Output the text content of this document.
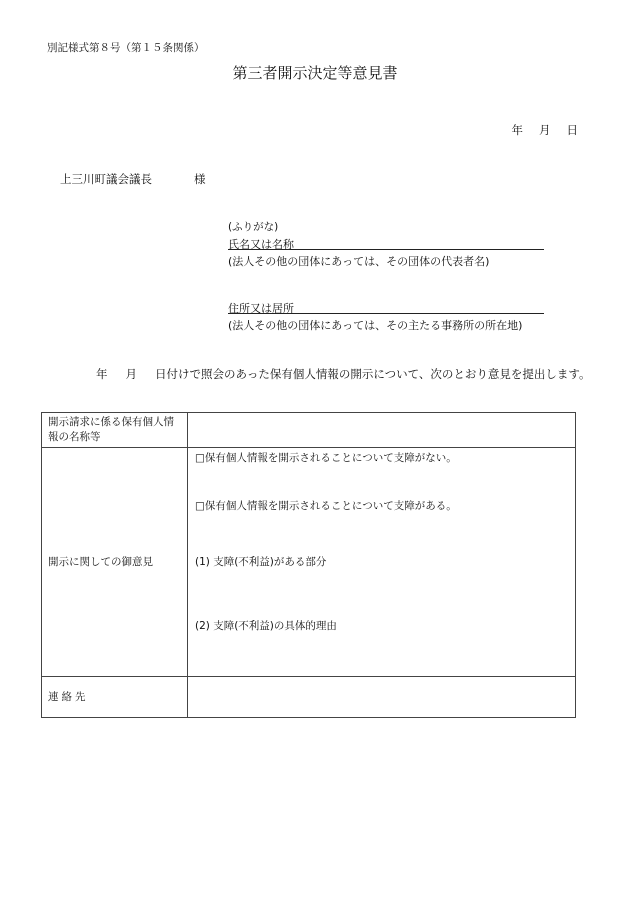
別記様式第８号（第１５条関係）
第三者開示決定等意見書
年 月 日
上三川町議会議長	様
(ふりがな)
氏名又は名称
(法人その他の団体にあっては、その団体の代表者名)
住所又は居所
(法人その他の団体にあっては、その主たる事務所の所在地)
年 月 日付けで照会のあった保有個人情報の開示について、次のとおり意見を提出します。
開示請求に係る保有個人情報の名称等	
開示に関しての御意見	□保有個人情報を開示されることについて支障がない。
□保有個人情報を開示されることについて支障がある。
(1) 支障(不利益)がある部分
(2) 支障(不利益)の具体的理由

連絡先	
